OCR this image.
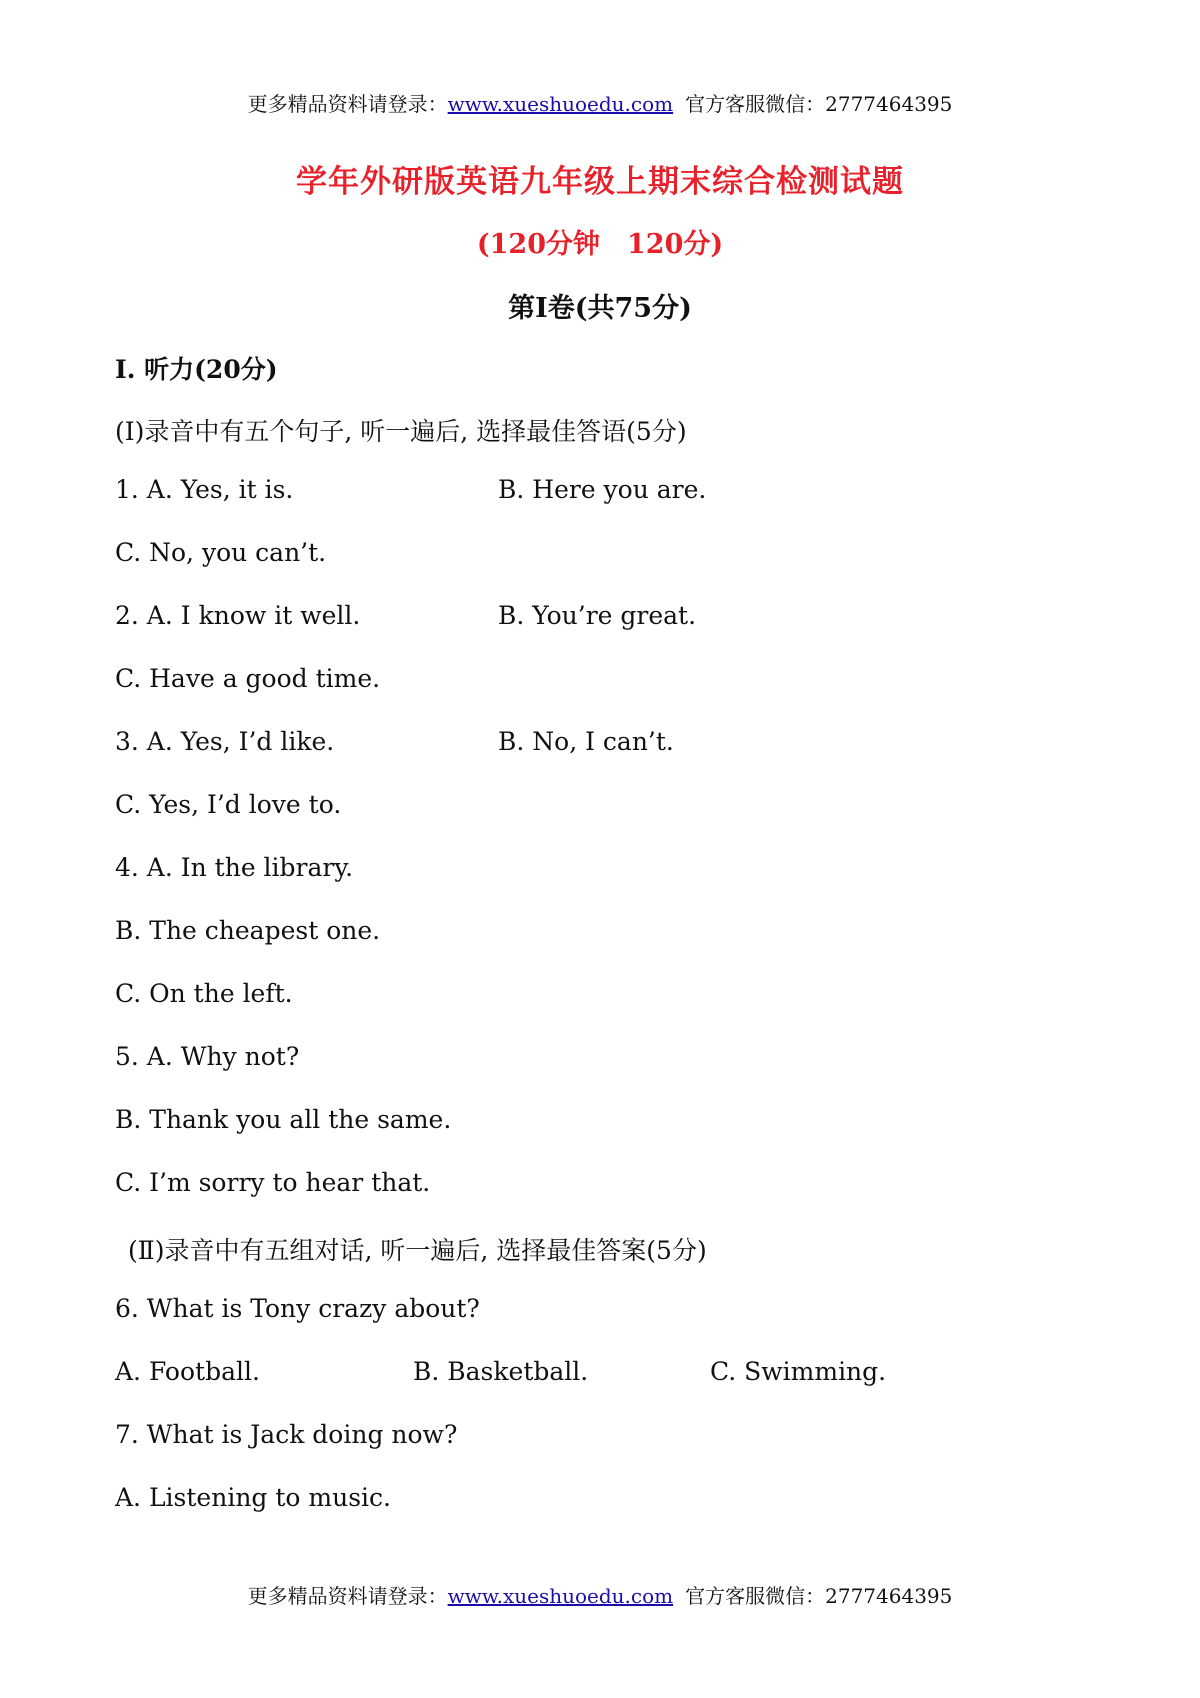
更多精品资料请登录：www.xueshuoedu.com 官方客服微信：2777464395
学年外研版英语九年级上期末综合检测试题
(120分钟　120分)
第Ⅰ卷(共75分)
Ⅰ. 听力(20分)
(Ⅰ)录音中有五个句子, 听一遍后, 选择最佳答语(5分)
1. A. Yes, it is.	B. Here you are.
C. No, you can’t.
2. A. I know it well.	B. You’re great.
C. Have a good time.
3. A. Yes, I’d like.	B. No, I can’t.
C. Yes, I’d love to.
4. A. In the library.
B. The cheapest one.
C. On the left.
5. A. Why not?
B. Thank you all the same.
C. I’m sorry to hear that.
(Ⅱ)录音中有五组对话, 听一遍后, 选择最佳答案(5分)
6. What is Tony crazy about?
A. Football.	B. Basketball.	C. Swimming.
7. What is Jack doing now?
A. Listening to music.
更多精品资料请登录：www.xueshuoedu.com 官方客服微信：2777464395
